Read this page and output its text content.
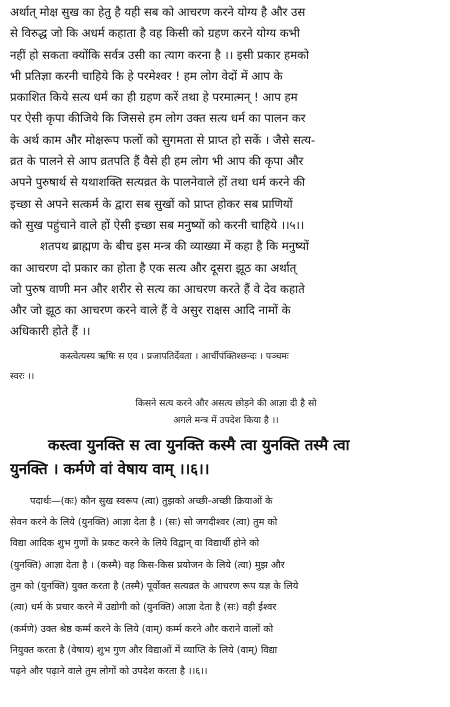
अर्थात् मोक्ष सुख का हेतु है यही सब को आचरण करने योग्य है और उस

से विरुद्ध जो कि अधर्म कहाता है वह किसी को ग्रहण करने योग्य कभी

नहीं हो सकता क्योंकि सर्वत्र उसी का त्याग करना है ।। इसी प्रकार हमको

भी प्रतिज्ञा करनी चाहिये कि हे परमेश्वर ! हम लोग वेदों में आप के

प्रकाशित किये सत्य धर्म का ही ग्रहण करें तथा हे परमात्मन् ! आप हम

पर ऐसी कृपा कीजिये कि जिससे हम लोग उक्त सत्य धर्म का पालन कर

के अर्थ काम और मोक्षरूप फलों को सुगमता से प्राप्त हो सकें । जैसे सत्य-

व्रत के पालने से आप व्रतपति हैं वैसे ही हम लोग भी आप की कृपा और

अपने पुरुषार्थ से यथाशक्ति सत्यव्रत के पालनेवाले हों तथा धर्म करने की

इच्छा से अपने सत्कर्म के द्वारा सब सुखों को प्राप्त होकर सब प्राणियों

को सुख पहुंचाने वाले हों ऐसी इच्छा सब मनुष्यों को करनी चाहिये ।।५।।

शतपथ ब्राह्मण के बीच इस मन्त्र की व्याख्या में कहा है कि मनुष्यों

का आचरण दो प्रकार का होता है एक सत्य और दूसरा झूठ का अर्थात्

जो पुरुष वाणी मन और शरीर से सत्य का आचरण करते हैं वे देव कहाते

और जो झूठ का आचरण करने वाले हैं वे असुर राक्षस आदि नामों के

अधिकारी होते हैं ।।

कस्त्वेत्यस्य ऋषिः स एव । प्रजापतिर्देवता । आर्चीपंक्तिश्छन्दः । पञ्चमः
स्वरः ।।
किसने सत्य करने और असत्य छोड़ने की आज्ञा दी है सो
अगले मन्त्र में उपदेश किया है ।।
कस्त्वा युनक्ति स त्वा युनक्ति कस्मै त्वा युनक्ति तस्मै त्वा
युनक्ति । कर्मणे वां वेषाय वाम् ।।६।।

पदार्थः—(कः) कौन सुख स्वरूप (त्वा) तुझको अच्छी-अच्छी क्रियाओं के

सेवन करने के लिये (युनक्ति) आज्ञा देता है । (सः) सो जगदीश्वर (त्वा) तुम को

विद्या आदिक शुभ गुणों के प्रकट करने के लिये विद्वान् वा विद्यार्थी होने को

(युनक्ति) आज्ञा देता है । (कस्मै) वह किस-किस प्रयोजन के लिये (त्वा) मुझ और

तुम को (युनक्ति) युक्त करता है (तस्मै) पूर्वोक्त सत्यव्रत के आचरण रूप यज्ञ के लिये

(त्वा) धर्म के प्रचार करने में उद्योगी को (युनक्ति) आज्ञा देता है (सः) वही ईश्वर

(कर्मणे) उक्त श्रेष्ठ कर्म्म करने के लिये (वाम्) कर्म्म करने और कराने वालों को

नियुक्त करता है (वेषाय) शुभ गुण और विद्याओं में व्याप्ति के लिये (वाम्) विद्या

पढ़ने और पढ़ाने वाले तुम लोगों को उपदेश करता है ।।६।।
